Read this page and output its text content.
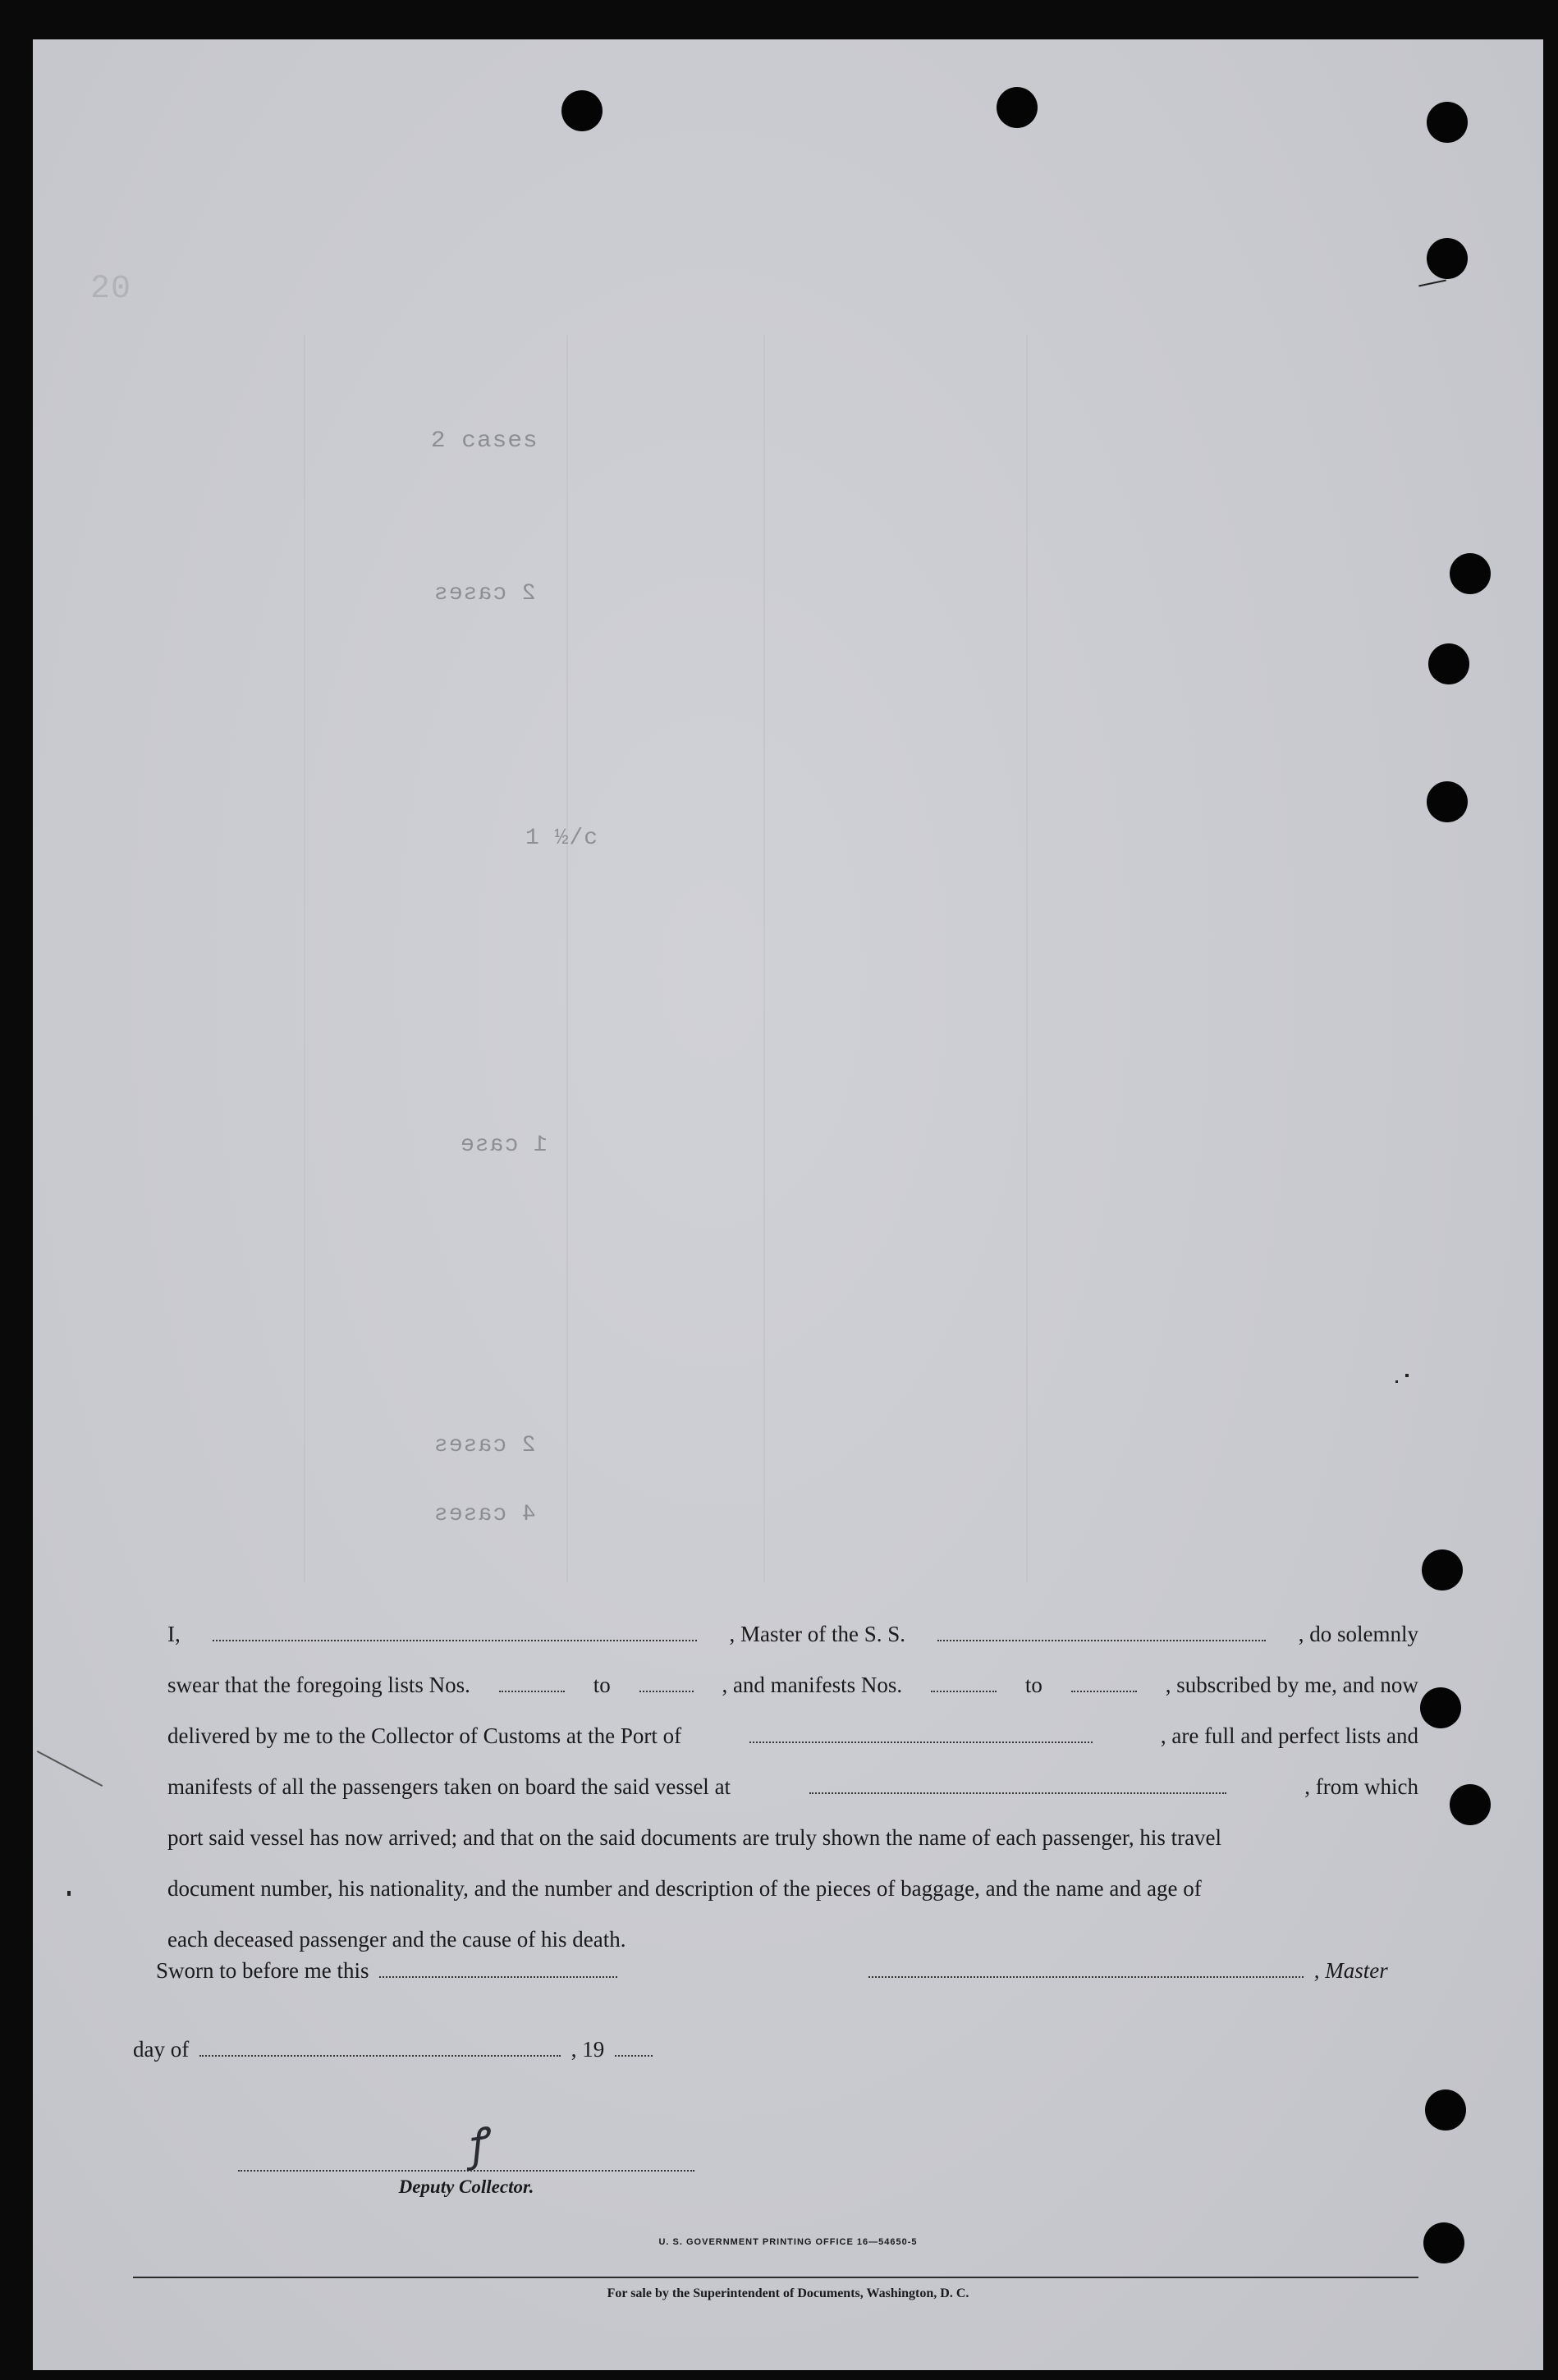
20
2 cases
2 cases
1 ½/c
1 case
2 cases
4 cases
I,	, Master of the S. S.	, do solemnly
swear that the foregoing lists Nos.	to	, and manifests Nos.	to	, subscribed by me, and now
delivered by me to the Collector of Customs at the Port of	, are full and perfect lists and
manifests of all the passengers taken on board the said vessel at	, from which
port said vessel has now arrived; and that on the said documents are truly shown the name of each passenger, his travel
document number, his nationality, and the number and description of the pieces of baggage, and the name and age of
each deceased passenger and the cause of his death.
Sworn to before me this	, Master
day of	, 19
ꝭ
Deputy Collector.
U. S. GOVERNMENT PRINTING OFFICE 16—54650-5
For sale by the Superintendent of Documents, Washington, D. C.
